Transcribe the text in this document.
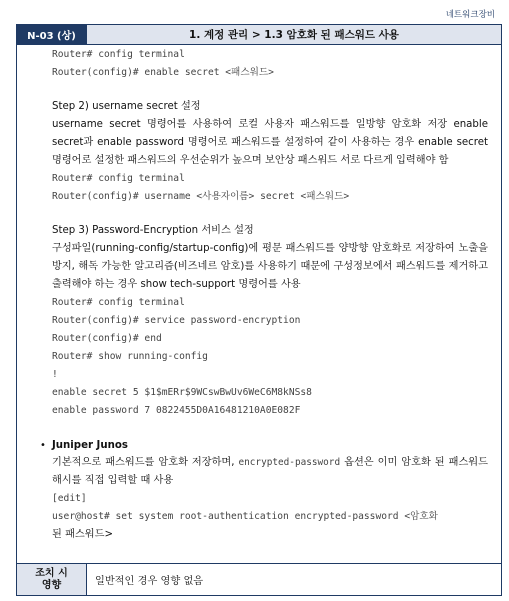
네트워크장비
N-03 (상)	1. 계정 관리 > 1.3 암호화 된 패스워드 사용
Router# config terminal
Router(config)# enable secret <패스워드>
Step 2) username secret 설정
username secret 명령어를 사용하여 로컬 사용자 패스워드를 일방향 암호화 저장 enable secret과 enable password 명령어로 패스워드를 설정하여 같이 사용하는 경우 enable secret 명령어로 설정한 패스워드의 우선순위가 높으며 보안상 패스워드 서로 다르게 입력해야 함
Router# config terminal
Router(config)# username <사용자이름> secret <패스워드>
Step 3) Password-Encryption 서비스 설정
구성파일(running-config/startup-config)에 평문 패스워드를 양방향 암호화로 저장하여 노출을 방지, 해독 가능한 알고리즘(비즈네르 암호)를 사용하기 때문에 구성정보에서 패스워드를 제거하고 출력해야 하는 경우 show tech-support 명령어를 사용
Router# config terminal
Router(config)# service password-encryption
Router(config)# end
Router# show running-config
!
enable secret 5 $1$mERr$9WCswBwUv6WeC6M8kNSs8
enable password 7 0822455D0A16481210A0E082F
• Juniper Junos
기본적으로 패스워드를 암호화 저장하며, encrypted-password 옵션은 이미 암호화 된 패스워드 해시를 직접 입력할 때 사용
[edit]
user@host# set system root-authentication encrypted-password <암호화
된 패스워드>
조치 시
영향	일반적인 경우 영향 없음
